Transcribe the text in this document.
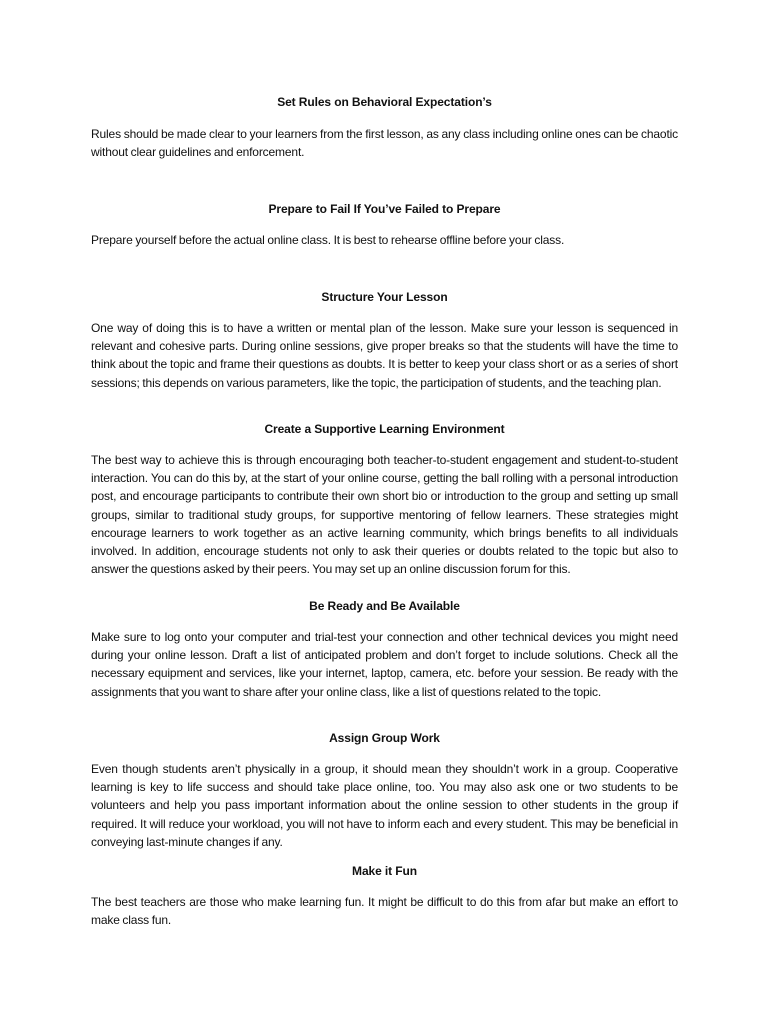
Set Rules on Behavioral Expectation’s

Rules should be made clear to your learners from the first lesson, as any class including online ones can be chaotic without clear guidelines and enforcement.

Prepare to Fail If You’ve Failed to Prepare

Prepare yourself before the actual online class. It is best to rehearse offline before your class.

Structure Your Lesson

One way of doing this is to have a written or mental plan of the lesson. Make sure your lesson is sequenced in relevant and cohesive parts. During online sessions, give proper breaks so that the students will have the time to think about the topic and frame their questions as doubts. It is better to keep your class short or as a series of short sessions; this depends on various parameters, like the topic, the participation of students, and the teaching plan.

Create a Supportive Learning Environment

The best way to achieve this is through encouraging both teacher-to-student engagement and student-to-student interaction. You can do this by, at the start of your online course, getting the ball rolling with a personal introduction post, and encourage participants to contribute their own short bio or introduction to the group and setting up small groups, similar to traditional study groups, for supportive mentoring of fellow learners. These strategies might encourage learners to work together as an active learning community, which brings benefits to all individuals involved. In addition, encourage students not only to ask their queries or doubts related to the topic but also to answer the questions asked by their peers. You may set up an online discussion forum for this.

Be Ready and Be Available

Make sure to log onto your computer and trial-test your connection and other technical devices you might need during your online lesson. Draft a list of anticipated problem and don’t forget to include solutions. Check all the necessary equipment and services, like your internet, laptop, camera, etc. before your session. Be ready with the assignments that you want to share after your online class, like a list of questions related to the topic.

Assign Group Work

Even though students aren’t physically in a group, it should mean they shouldn’t work in a group. Cooperative learning is key to life success and should take place online, too. You may also ask one or two students to be volunteers and help you pass important information about the online session to other students in the group if required. It will reduce your workload, you will not have to inform each and every student. This may be beneficial in conveying last-minute changes if any.

Make it Fun

The best teachers are those who make learning fun. It might be difficult to do this from afar but make an effort to make class fun.
